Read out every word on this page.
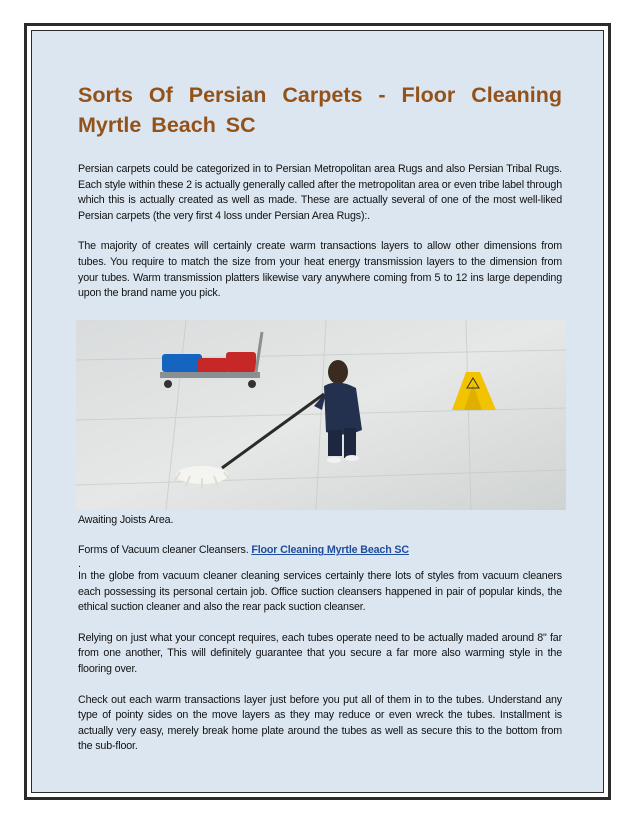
Sorts Of Persian Carpets - Floor Cleaning Myrtle Beach SC

Persian carpets could be categorized in to Persian Metropolitan area Rugs and also Persian Tribal Rugs. Each style within these 2 is actually generally called after the metropolitan area or even tribe label through which this is actually created as well as made. These are actually several of one of the most well-liked Persian carpets (the very first 4 loss under Persian Area Rugs):.

The majority of creates will certainly create warm transactions layers to allow other dimensions from tubes. You require to match the size from your heat energy transmission layers to the dimension from your tubes. Warm transmission platters likewise vary anywhere coming from 5 to 12 ins large depending upon the brand name you pick.

Awaiting Joists Area.

Forms of Vacuum cleaner Cleansers. Floor Cleaning Myrtle Beach SC

.

In the globe from vacuum cleaner cleaning services certainly there lots of styles from vacuum cleaners each possessing its personal certain job. Office suction cleansers happened in pair of popular kinds, the ethical suction cleaner and also the rear pack suction cleanser.

Relying on just what your concept requires, each tubes operate need to be actually maded around 8" far from one another, This will definitely guarantee that you secure a far more also warming style in the flooring over.

Check out each warm transactions layer just before you put all of them in to the tubes. Understand any type of pointy sides on the move layers as they may reduce or even wreck the tubes. Installment is actually very easy, merely break home plate around the tubes as well as secure this to the bottom from the sub-floor.
